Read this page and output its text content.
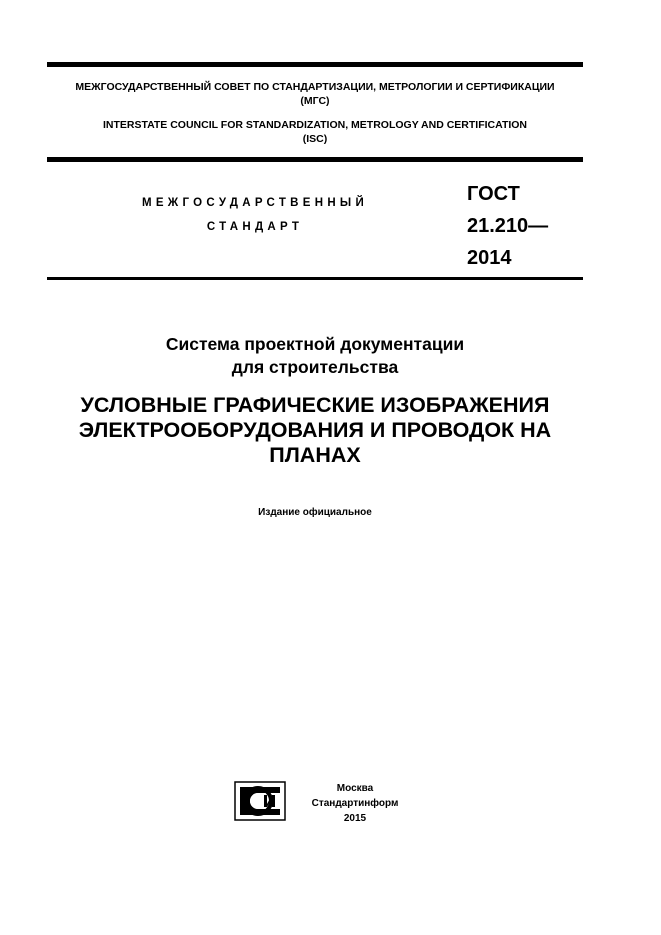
МЕЖГОСУДАРСТВЕННЫЙ СОВЕТ ПО СТАНДАРТИЗАЦИИ, МЕТРОЛОГИИ И СЕРТИФИКАЦИИ
(МГС)
INTERSTATE COUNCIL FOR STANDARDIZATION, METROLOGY AND CERTIFICATION
(ISC)
МЕЖГОСУДАРСТВЕННЫЙ
СТАНДАРТ
ГОСТ
21.210—
2014
Система проектной документации
для строительства
УСЛОВНЫЕ ГРАФИЧЕСКИЕ ИЗОБРАЖЕНИЯ
ЭЛЕКТРООБОРУДОВАНИЯ И ПРОВОДОК НА
ПЛАНАХ
Издание официальное
Москва
Стандартинформ
2015
